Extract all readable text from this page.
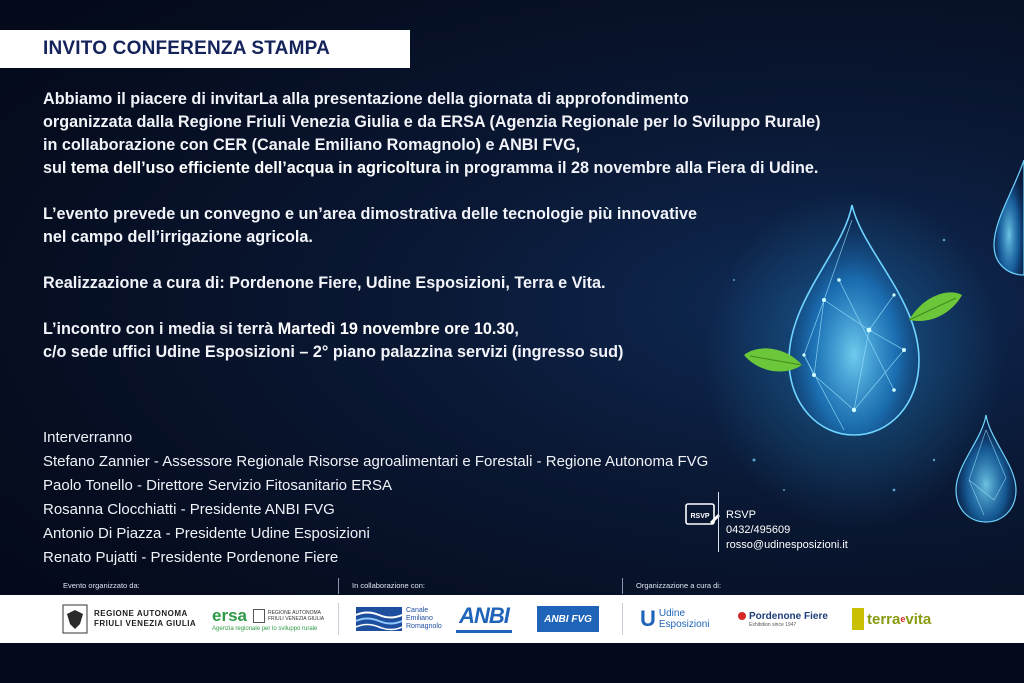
INVITO CONFERENZA STAMPA

Abbiamo il piacere di invitarLa alla presentazione della giornata di approfondimento
organizzata dalla Regione Friuli Venezia Giulia e da ERSA (Agenzia Regionale per lo Sviluppo Rurale)
in collaborazione con CER (Canale Emiliano Romagnolo) e ANBI FVG,
sul tema dell’uso efficiente dell’acqua in agricoltura in programma il 28 novembre alla Fiera di Udine.

L’evento prevede un convegno e un’area dimostrativa delle tecnologie più innovative
nel campo dell’irrigazione agricola.

Realizzazione a cura di: Pordenone Fiere, Udine Esposizioni, Terra e Vita.

L’incontro con i media si terrà Martedì 19 novembre ore 10.30,
c/o sede uffici Udine Esposizioni – 2° piano palazzina servizi (ingresso sud)

Interverranno
Stefano Zannier - Assessore Regionale Risorse agroalimentari e Forestali - Regione Autonoma FVG
Paolo Tonello - Direttore Servizio Fitosanitario ERSA
Rosanna Clocchiatti - Presidente ANBI FVG
Antonio Di Piazza - Presidente Udine Esposizioni
Renato Pujatti - Presidente Pordenone Fiere
RSVP RSVP
0432/495609
rosso@udinesposizioni.it
Evento organizzato da:	In collaborazione con:	Organizzazione a cura di:
REGIONE AUTONOMA
FRIULI VENEZIA GIULIA ersa	REGIONE AUTONOMA
FRIULI VENEZIA GIULIA
Agenzia regionale per lo sviluppo rurale
Canale
Emiliano
Romagnolo ANBI	ANBI FVG U Udine
Esposizioni
Pordenone Fiere
Exhibition since 1947	terra e vita
